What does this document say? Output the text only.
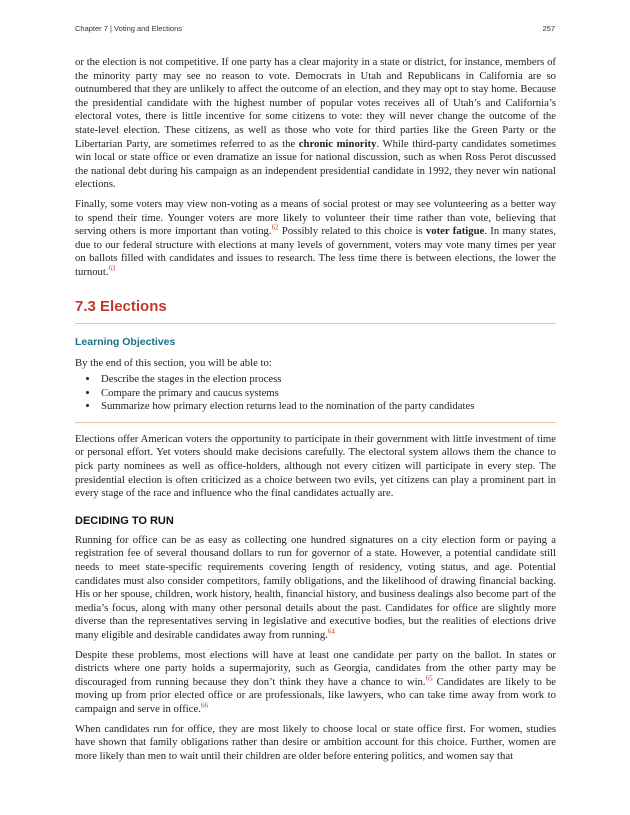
Chapter 7 | Voting and Elections	257

or the election is not competitive. If one party has a clear majority in a state or district, for instance, members of the minority party may see no reason to vote. Democrats in Utah and Republicans in California are so outnumbered that they are unlikely to affect the outcome of an election, and they may opt to stay home. Because the presidential candidate with the highest number of popular votes receives all of Utah’s and California’s electoral votes, there is little incentive for some citizens to vote: they will never change the outcome of the state-level election. These citizens, as well as those who vote for third parties like the Green Party or the Libertarian Party, are sometimes referred to as the chronic minority. While third-party candidates sometimes win local or state office or even dramatize an issue for national discussion, such as when Ross Perot discussed the national debt during his campaign as an independent presidential candidate in 1992, they never win national elections.

Finally, some voters may view non-voting as a means of social protest or may see volunteering as a better way to spend their time. Younger voters are more likely to volunteer their time rather than vote, believing that serving others is more important than voting.$^{62}$ Possibly related to this choice is voter fatigue. In many states, due to our federal structure with elections at many levels of government, voters may vote many times per year on ballots filled with candidates and issues to research. The less time there is between elections, the lower the turnout.$^{63}$

7.3 Elections
Learning Objectives

By the end of this section, you will be able to:

• Describe the stages in the election process
• Compare the primary and caucus systems
• Summarize how primary election returns lead to the nomination of the party candidates

Elections offer American voters the opportunity to participate in their government with little investment of time or personal effort. Yet voters should make decisions carefully. The electoral system allows them the chance to pick party nominees as well as office-holders, although not every citizen will participate in every step. The presidential election is often criticized as a choice between two evils, yet citizens can play a prominent part in every stage of the race and influence who the final candidates actually are.

DECIDING TO RUN

Running for office can be as easy as collecting one hundred signatures on a city election form or paying a registration fee of several thousand dollars to run for governor of a state. However, a potential candidate still needs to meet state-specific requirements covering length of residency, voting status, and age. Potential candidates must also consider competitors, family obligations, and the likelihood of drawing financial backing. His or her spouse, children, work history, health, financial history, and business dealings also become part of the media’s focus, along with many other personal details about the past. Candidates for office are slightly more diverse than the representatives serving in legislative and executive bodies, but the realities of elections drive many eligible and desirable candidates away from running.$^{64}$

Despite these problems, most elections will have at least one candidate per party on the ballot. In states or districts where one party holds a supermajority, such as Georgia, candidates from the other party may be discouraged from running because they don’t think they have a chance to win.$^{65}$ Candidates are likely to be moving up from prior elected office or are professionals, like lawyers, who can take time away from work to campaign and serve in office.$^{66}$

When candidates run for office, they are most likely to choose local or state office first. For women, studies have shown that family obligations rather than desire or ambition account for this choice. Further, women are more likely than men to wait until their children are older before entering politics, and women say that
